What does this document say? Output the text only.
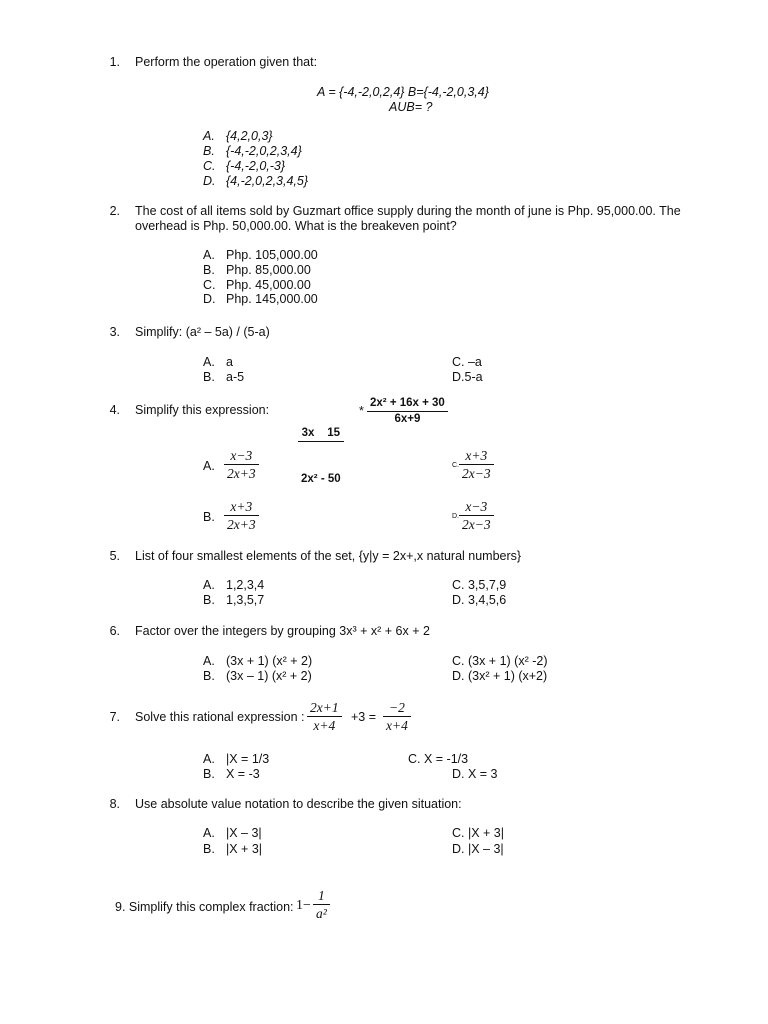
1. Perform the operation given that:
A = {-4,-2,0,2,4} B={-4,-2,0,3,4}
AUB= ?
A. {4,2,0,3}
B. {-4,-2,0,2,3,4}
C. {-4,-2,0,-3}
D. {4,-2,0,2,3,4,5}
2. The cost of all items sold by Guzmart office supply during the month of june is Php. 95,000.00. The
overhead is Php. 50,000.00. What is the breakeven point?
A. Php. 105,000.00
B. Php. 85,000.00
C. Php. 45,000.00
D. Php. 145,000.00
3. Simplify: (a² – 5a) / (5-a)
A. a
B. a-5
C. –a
D.5-a
4. Simplify this expression:

	$\frac{3x 15}{\text{2x² - 50}}$

* $\frac{\text{2x² + 16x + 30}}{6x+9}$
A. $\frac{x-3}{2x+3}$
B. $\frac{x+3}{2x+3}$
C. $\frac{x+3}{2x-3}$
D. $\frac{x-3}{2x-3}$
5. List of four smallest elements of the set, {y|y = 2x+,x natural numbers}
A. 1,2,3,4
B. 1,3,5,7
C. 3,5,7,9
D. 3,4,5,6
6. Factor over the integers by grouping 3x³ + x² + 6x + 2
A. (3x + 1) (x² + 2)
B. (3x – 1) (x² + 2)
C. (3x + 1) (x² -2)
D. (3x² + 1) (x+2)
7. Solve this rational expression : $\frac{2x+1}{x+4} +3 = \frac{-2}{x+4}$
A. |X = 1/3
B. X = -3
C. X = -1/3
D. X = 3
8. Use absolute value notation to describe the given situation:
A. |X – 3|
B. |X + 3|
C. |X + 3|
D. |X – 3|
9. Simplify this complex fraction: $1- \frac{1}{\text{a²}}$
